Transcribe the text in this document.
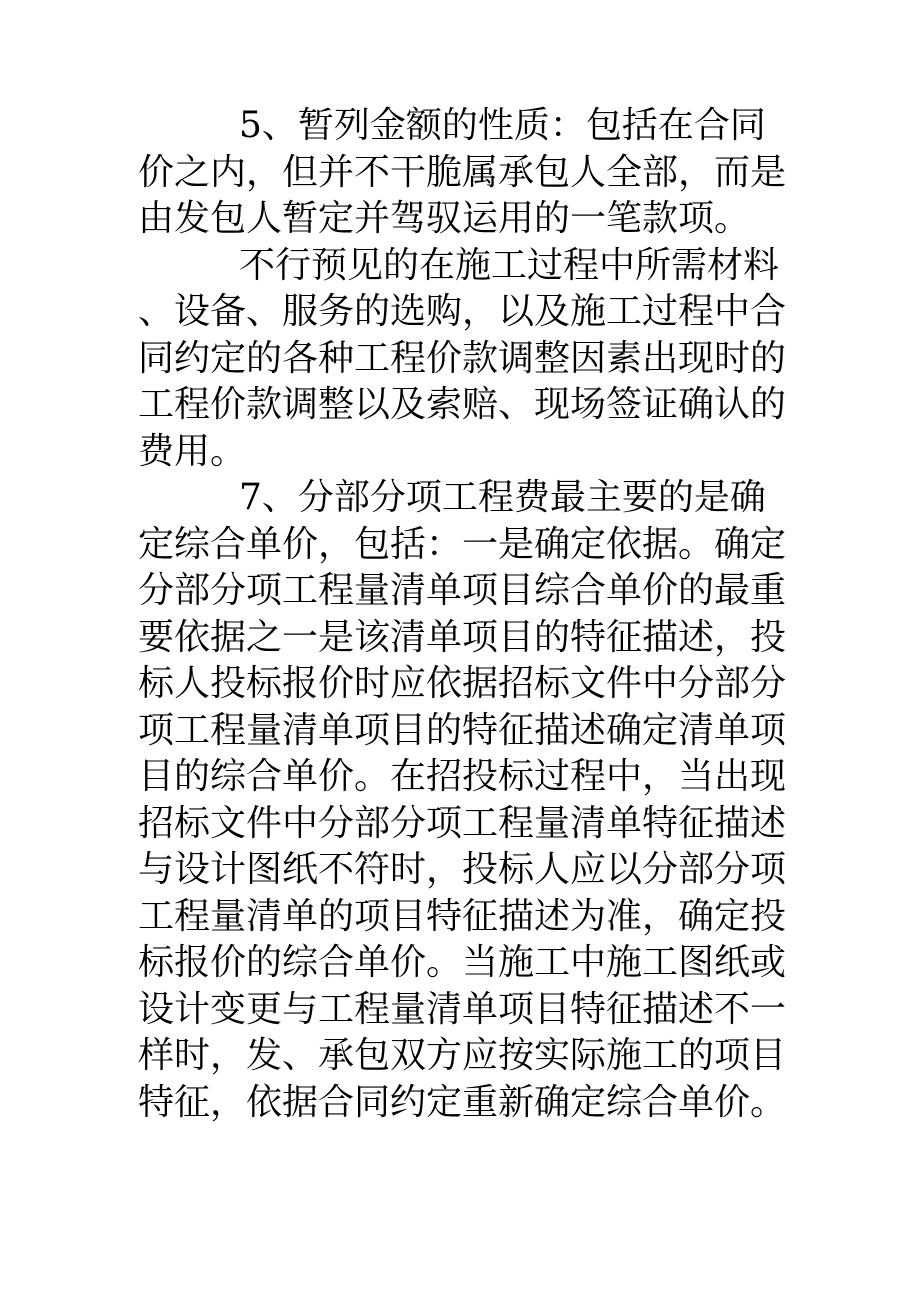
5、暂列金额的性质：包括在合同价之内，但并不干脆属承包人全部，而是由发包人暂定并驾驭运用的一笔款项。

不行预见的在施工过程中所需材料、设备、服务的选购，以及施工过程中合同约定的各种工程价款调整因素出现时的工程价款调整以及索赔、现场签证确认的费用。

7、分部分项工程费最主要的是确定综合单价，包括：一是确定依据。确定分部分项工程量清单项目综合单价的最重要依据之一是该清单项目的特征描述，投标人投标报价时应依据招标文件中分部分项工程量清单项目的特征描述确定清单项目的综合单价。在招投标过程中，当出现招标文件中分部分项工程量清单特征描述与设计图纸不符时，投标人应以分部分项工程量清单的项目特征描述为准，确定投标报价的综合单价。当施工中施工图纸或设计变更与工程量清单项目特征描述不一样时，发、承包双方应按实际施工的项目特征，依据合同约定重新确定综合单价。
